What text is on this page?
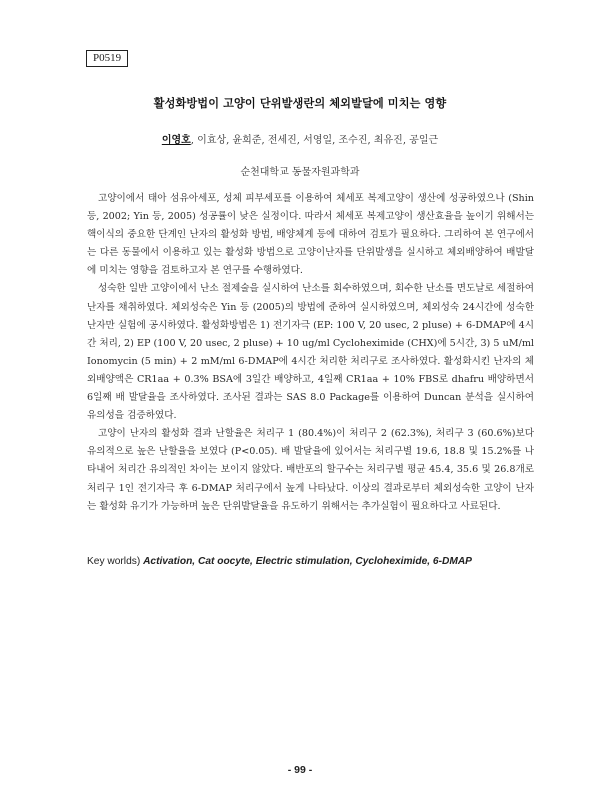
P0519
활성화방법이 고양이 단위발생란의 체외발달에 미치는 영향
이영호, 이효상, 윤희준, 전세진, 서영일, 조수진, 최유진, 공일근
순천대학교 동물자원과학과

고양이에서 태아 섬유아세포, 성체 피부세포를 이용하여 체세포 복제고양이 생산에 성공하였으나 (Shin 등, 2002; Yin 등, 2005) 성공률이 낮은 실정이다. 따라서 체세포 복제고양이 생산효율을 높이기 위해서는 핵이식의 중요한 단계인 난자의 활성화 방법, 배양체계 등에 대하여 검토가 필요하다. 그리하여 본 연구에서는 다른 동물에서 이용하고 있는 활성화 방법으로 고양이난자를 단위발생을 실시하고 체외배양하여 배발달에 미치는 영향을 검토하고자 본 연구를 수행하였다.

성숙한 일반 고양이에서 난소 절제술을 실시하여 난소를 회수하였으며, 회수한 난소를 면도날로 세절하여 난자를 채취하였다. 체외성숙은 Yin 등 (2005)의 방법에 준하여 실시하였으며, 체외성숙 24시간에 성숙한 난자만 실험에 공시하였다. 활성화방법은 1) 전기자극 (EP: 100 V, 20 usec, 2 pluse) + 6-DMAP에 4시간 처리, 2) EP (100 V, 20 usec, 2 pluse) + 10 ug/ml Cycloheximide (CHX)에 5시간, 3) 5 uM/ml Ionomycin (5 min) + 2 mM/ml 6-DMAP에 4시간 처리한 처리구로 조사하였다. 활성화시킨 난자의 체외배양액은 CR1aa + 0.3% BSA에 3일간 배양하고, 4일째 CR1aa + 10% FBS로 dhafru 배양하면서 6일째 배 발달율을 조사하였다. 조사된 결과는 SAS 8.0 Package를 이용하여 Duncan 분석을 실시하여 유의성을 검증하였다.

고양이 난자의 활성화 결과 난할율은 처리구 1 (80.4%)이 처리구 2 (62.3%), 처리구 3 (60.6%)보다 유의적으로 높은 난할율을 보였다 (P<0.05). 배 발달율에 있어서는 처리구별 19.6, 18.8 및 15.2%를 나타내어 처리간 유의적인 차이는 보이지 않았다. 배반포의 할구수는 처리구별 평균 45.4, 35.6 및 26.8개로 처리구 1인 전기자극 후 6-DMAP 처리구에서 높게 나타났다. 이상의 결과로부터 체외성숙한 고양이 난자는 활성화 유기가 가능하며 높은 단위발달율을 유도하기 위해서는 추가실험이 필요하다고 사료된다.

Key worlds) Activation, Cat oocyte, Electric stimulation, Cycloheximide, 6-DMAP
- 99 -
